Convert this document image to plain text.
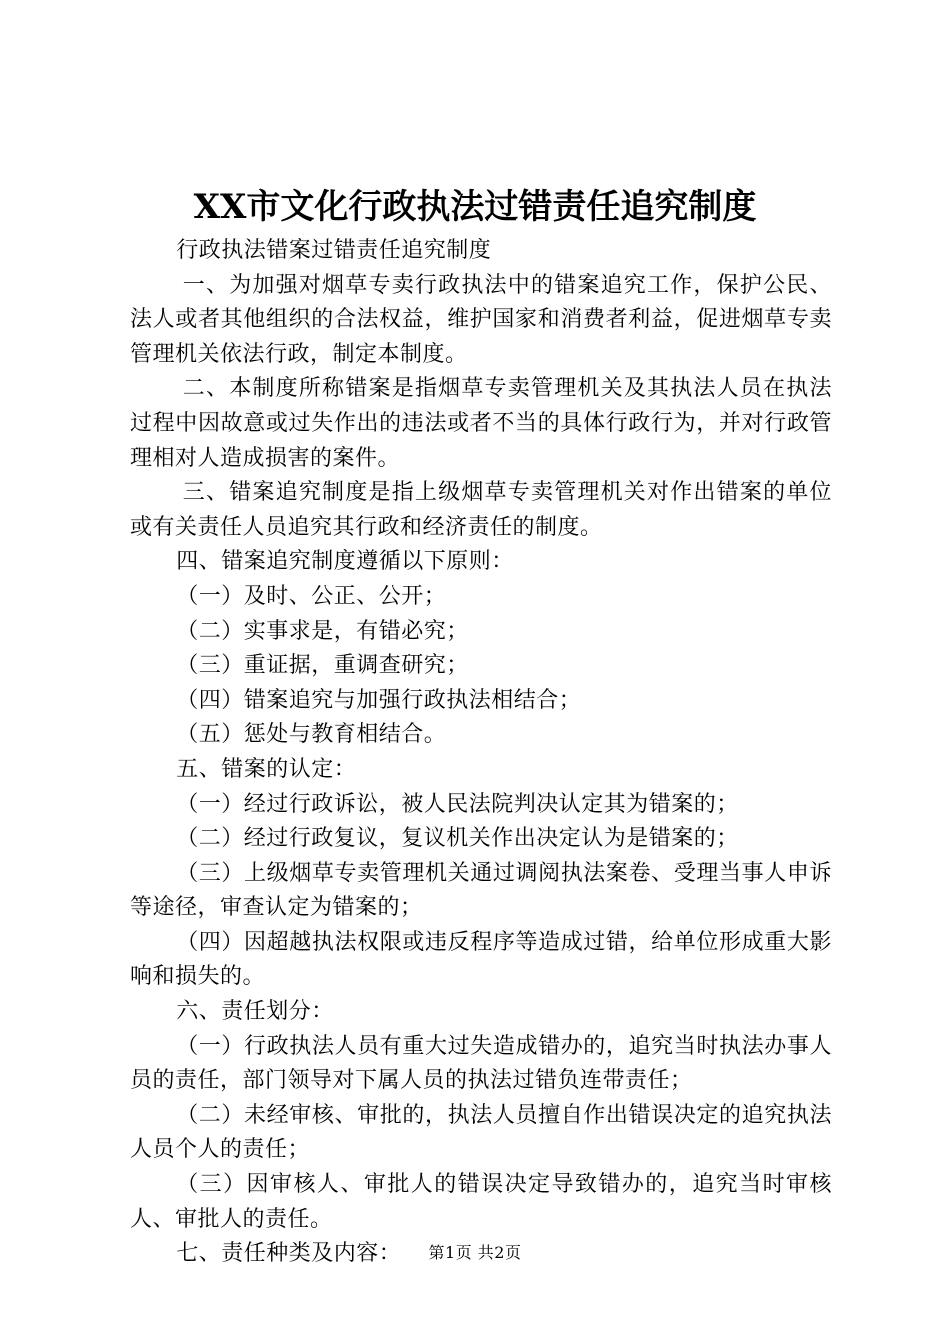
XX市文化行政执法过错责任追究制度

行政执法错案过错责任追究制度

一、为加强对烟草专卖行政执法中的错案追究工作，保护公民、法人或者其他组织的合法权益，维护国家和消费者利益，促进烟草专卖管理机关依法行政，制定本制度。

二、本制度所称错案是指烟草专卖管理机关及其执法人员在执法过程中因故意或过失作出的违法或者不当的具体行政行为，并对行政管理相对人造成损害的案件。

三、错案追究制度是指上级烟草专卖管理机关对作出错案的单位或有关责任人员追究其行政和经济责任的制度。

四、错案追究制度遵循以下原则：

（一）及时、公正、公开；

（二）实事求是，有错必究；

（三）重证据，重调查研究；

（四）错案追究与加强行政执法相结合；

（五）惩处与教育相结合。

五、错案的认定：

（一）经过行政诉讼，被人民法院判决认定其为错案的；

（二）经过行政复议，复议机关作出决定认为是错案的；

（三）上级烟草专卖管理机关通过调阅执法案卷、受理当事人申诉等途径，审查认定为错案的；

（四）因超越执法权限或违反程序等造成过错，给单位形成重大影响和损失的。

六、责任划分：

（一）行政执法人员有重大过失造成错办的，追究当时执法办事人员的责任，部门领导对下属人员的执法过错负连带责任；

（二）未经审核、审批的，执法人员擅自作出错误决定的追究执法人员个人的责任；

（三）因审核人、审批人的错误决定导致错办的，追究当时审核人、审批人的责任。

七、责任种类及内容：	第1页 共2页
